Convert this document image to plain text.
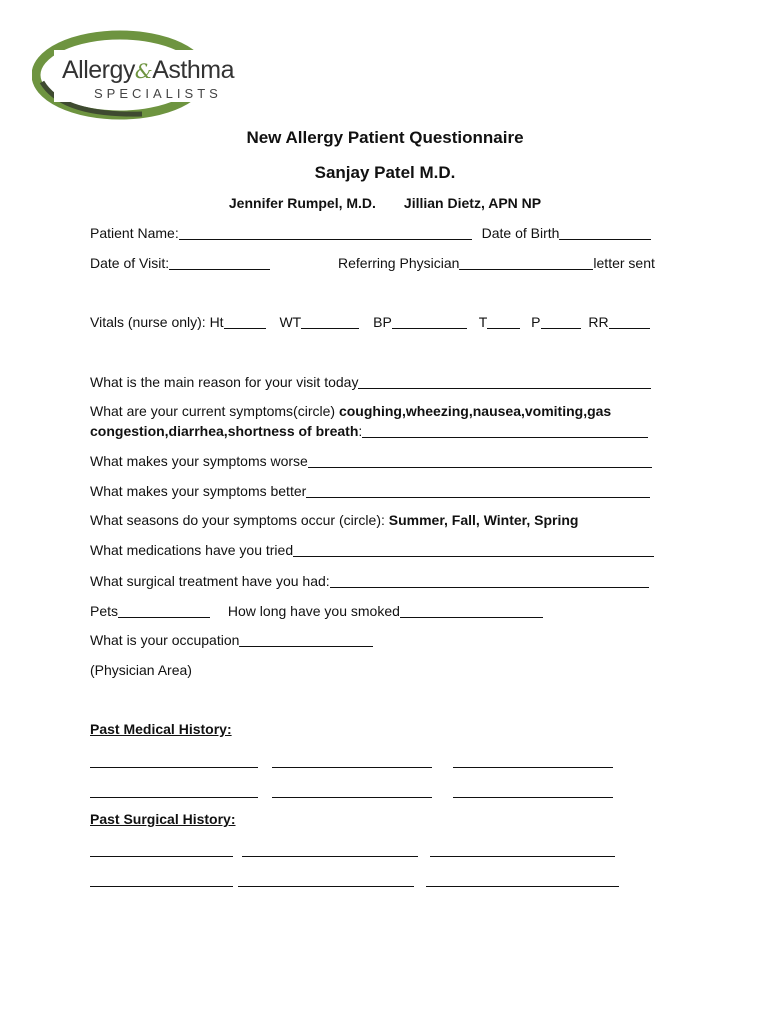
Allergy&Asthma
SPECIALISTS
New Allergy Patient Questionnaire
Sanjay Patel M.D.
Jennifer Rumpel, M.D. Jillian Dietz, APN NP
Patient Name:	Date of Birth
Date of Visit:	Referring Physician	letter sent
Vitals (nurse only): Ht	WT	BP	T	P	RR
What is the main reason for your visit today
What are your current symptoms(circle) coughing,wheezing,nausea,vomiting,gas
congestion,diarrhea,shortness of breath:
What makes your symptoms worse
What makes your symptoms better
What seasons do your symptoms occur (circle): Summer, Fall, Winter, Spring
What medications have you tried
What surgical treatment have you had:
Pets	How long have you smoked
What is your occupation
(Physician Area)
Past Medical History:
Past Surgical History:
